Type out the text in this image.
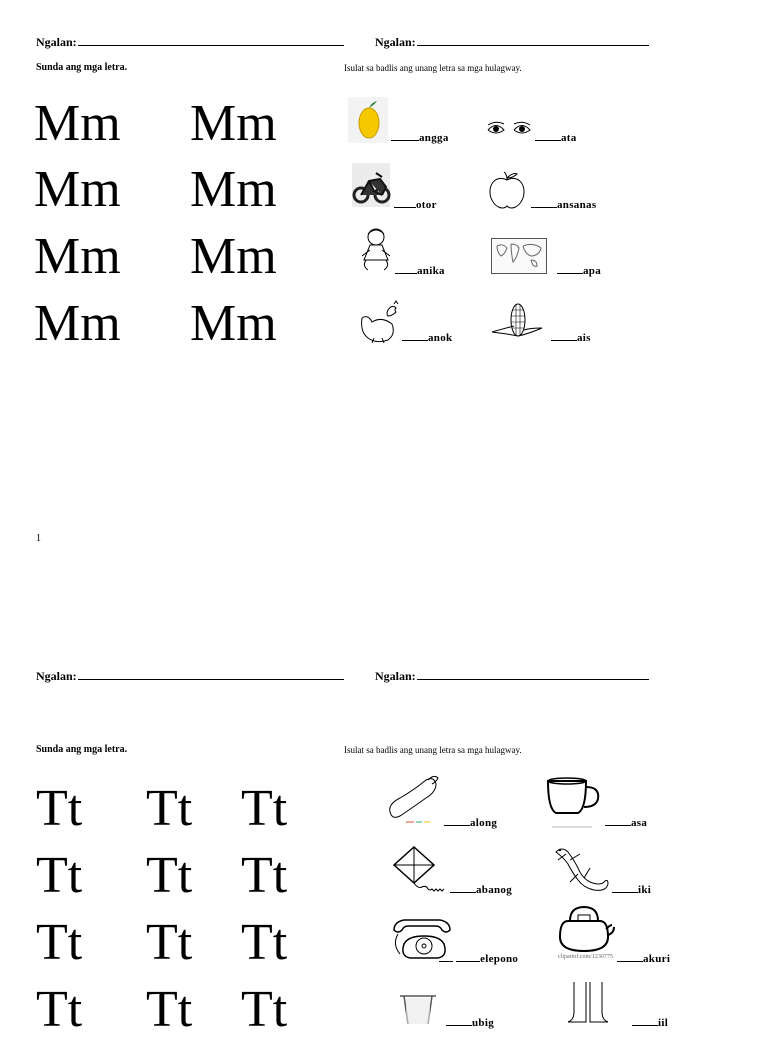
Ngalan:	Ngalan:
Sunda ang mga letra.	Isulat sa badlis ang unang letra sa mga hulagway.
Mm Mm
Mm Mm
Mm Mm
Mm Mm
angga	ata
otor	ansanas
anika	apa
anok	ais
1
Ngalan:	Ngalan:
Sunda ang mga letra.	Isulat sa badlis ang unang letra sa mga hulagway.
Tt Tt Tt
Tt Tt Tt
Tt Tt Tt
Tt Tt Tt
along	asa
abanog	iki
elepono	clipartof.com/1230775	akuri
ubig	iil
